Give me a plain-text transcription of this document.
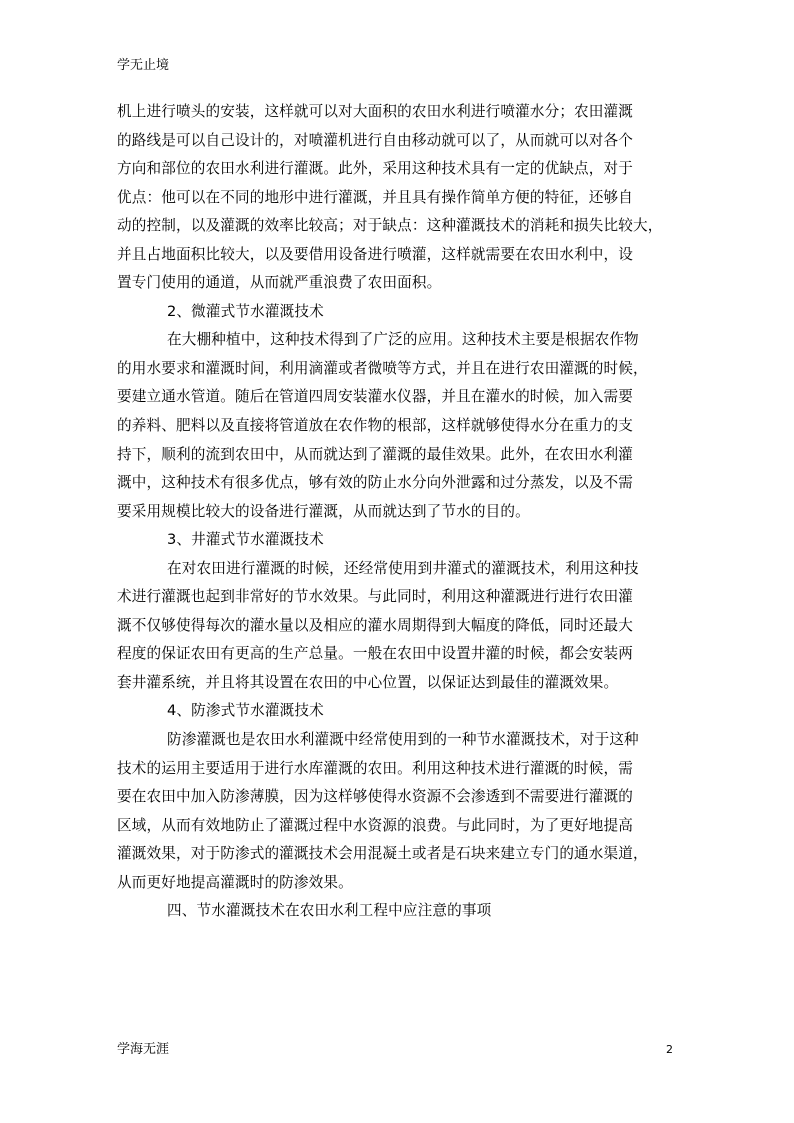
学无止境
机上进行喷头的安装，这样就可以对大面积的农田水利进行喷灌水分；农田灌溉
的路线是可以自己设计的，对喷灌机进行自由移动就可以了，从而就可以对各个
方向和部位的农田水利进行灌溉。此外，采用这种技术具有一定的优缺点，对于
优点：他可以在不同的地形中进行灌溉，并且具有操作简单方便的特征，还够自
动的控制，以及灌溉的效率比较高；对于缺点：这种灌溉技术的消耗和损失比较大，
并且占地面积比较大，以及要借用设备进行喷灌，这样就需要在农田水利中，设
置专门使用的通道，从而就严重浪费了农田面积。
2、微灌式节水灌溉技术
在大棚种植中，这种技术得到了广泛的应用。这种技术主要是根据农作物
的用水要求和灌溉时间，利用滴灌或者微喷等方式，并且在进行农田灌溉的时候，
要建立通水管道。随后在管道四周安装灌水仪器，并且在灌水的时候，加入需要
的养料、肥料以及直接将管道放在农作物的根部，这样就够使得水分在重力的支
持下，顺利的流到农田中，从而就达到了灌溉的最佳效果。此外，在农田水利灌
溉中，这种技术有很多优点，够有效的防止水分向外泄露和过分蒸发，以及不需
要采用规模比较大的设备进行灌溉，从而就达到了节水的目的。
3、井灌式节水灌溉技术
在对农田进行灌溉的时候，还经常使用到井灌式的灌溉技术，利用这种技
术进行灌溉也起到非常好的节水效果。与此同时，利用这种灌溉进行进行农田灌
溉不仅够使得每次的灌水量以及相应的灌水周期得到大幅度的降低，同时还最大
程度的保证农田有更高的生产总量。一般在农田中设置井灌的时候，都会安装两
套井灌系统，并且将其设置在农田的中心位置，以保证达到最佳的灌溉效果。
4、防渗式节水灌溉技术
防渗灌溉也是农田水利灌溉中经常使用到的一种节水灌溉技术，对于这种
技术的运用主要适用于进行水库灌溉的农田。利用这种技术进行灌溉的时候，需
要在农田中加入防渗薄膜，因为这样够使得水资源不会渗透到不需要进行灌溉的
区域，从而有效地防止了灌溉过程中水资源的浪费。与此同时，为了更好地提高
灌溉效果，对于防渗式的灌溉技术会用混凝土或者是石块来建立专门的通水渠道，
从而更好地提高灌溉时的防渗效果。
四、节水灌溉技术在农田水利工程中应注意的事项
学海无涯	2
